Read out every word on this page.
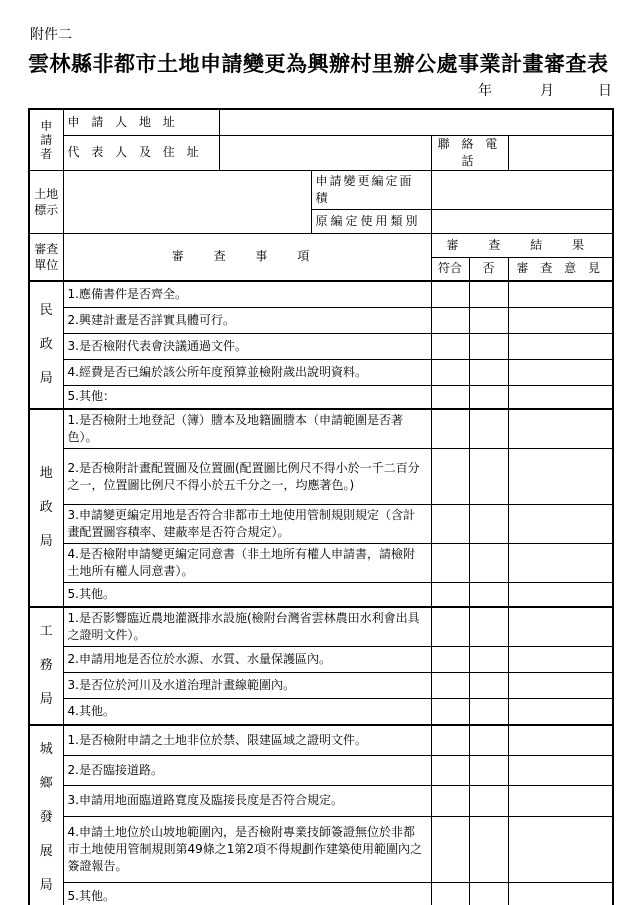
附件二
雲林縣非都市土地申請變更為興辦村里辦公處事業計畫審查表
年	月	日
申請者	申 請 人 地 址					
	代 表 人 及 住 址			聯 絡 電 話		
土地標示			申請變更編定面積			
			原編定使用類別			
審查單位	審 查 事 項			審 查 結 果		
				符合	否	審 查 意 見

民
政
局	1.應備書件是否齊全。					
	2.興建計畫是否詳實具體可行。					
	3.是否檢附代表會決議通過文件。					
	4.經費是否已編於該公所年度預算並檢附歲出說明資料。					
	5.其他：					

地
政
局	1.是否檢附土地登記（簿）謄本及地籍圖謄本（申請範圍是否著色）。					
	2.是否檢附計畫配置圖及位置圖(配置圖比例尺不得小於一千二百分之一，位置圖比例尺不得小於五千分之一，均應著色。)					
	3.申請變更編定用地是否符合非都市土地使用管制規則規定（含計畫配置圖容積率、建蔽率是否符合規定）。					
	4.是否檢附申請變更編定同意書（非土地所有權人申請書，請檢附土地所有權人同意書）。					
	5.其他。					

工
務
局	1.是否影響臨近農地灌溉排水設施(檢附台灣省雲林農田水利會出具之證明文件）。					
	2.申請用地是否位於水源、水質、水量保護區內。					
	3.是否位於河川及水道治理計畫線範圍內。					
	4.其他。					

城
鄉
發
展
局	1.是否檢附申請之土地非位於禁、限建區域之證明文件。					
	2.是否臨接道路。					
	3.申請用地面臨道路寬度及臨接長度是否符合規定。					
	4.申請土地位於山坡地範圍內，是否檢附專業技師簽證無位於非都市土地使用管制規則第49條之1第2項不得規劃作建築使用範圍內之簽證報告。					
	5.其他。					
